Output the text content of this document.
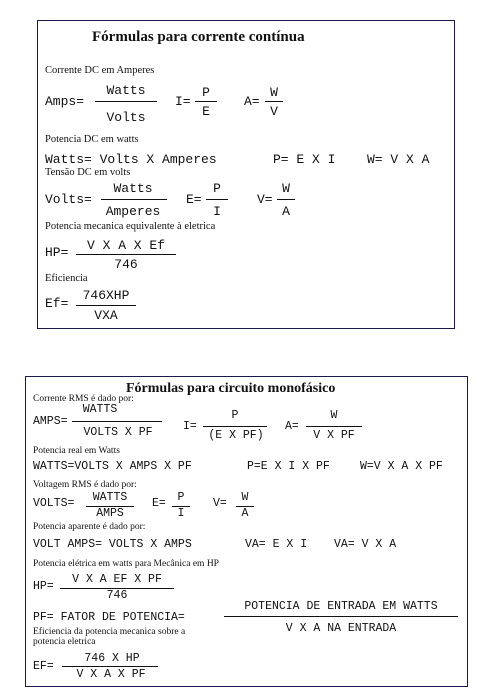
Fórmulas para corrente contínua
Corrente DC em Amperes
Amps=
Watts
Volts
I=
P
E
A=
W
V
Potencia DC em watts
Watts= Volts X Amperes	P= E X I W= V X A
Tensão DC em volts
Volts=
Watts
Amperes
E=
P
I
V=
W
A
Potencia mecanica equivalente à eletrica
HP=	V X A X Ef
746
Eficiencia
Ef=
746XHP
VXA
Fórmulas para circuito monofásico
Corrente RMS é dado por:
AMPS=
WATTS
VOLTS X PF	I=
P
(E X PF)
A=
W
V X PF
Potencia real em Watts
WATTS=VOLTS X AMPS X PF	P=E X I X PF	W=V X A X PF
Voltagem RMS é dado por:
VOLTS=	WATTS
AMPS
E=	P
I
V=	W
A
Potencia aparente é dado por:
VOLT AMPS= VOLTS X AMPS	VA= E X I VA= V X A
Potencia elétrica em watts para Mecânica em HP
HP=
V X A EF X PF
746
PF= FATOR DE POTENCIA=
POTENCIA DE ENTRADA EM WATTS
V X A NA ENTRADA
Eficiencia da potencia mecanica sobre a
potencia eletrica
EF=
746 X HP
V X A X PF
